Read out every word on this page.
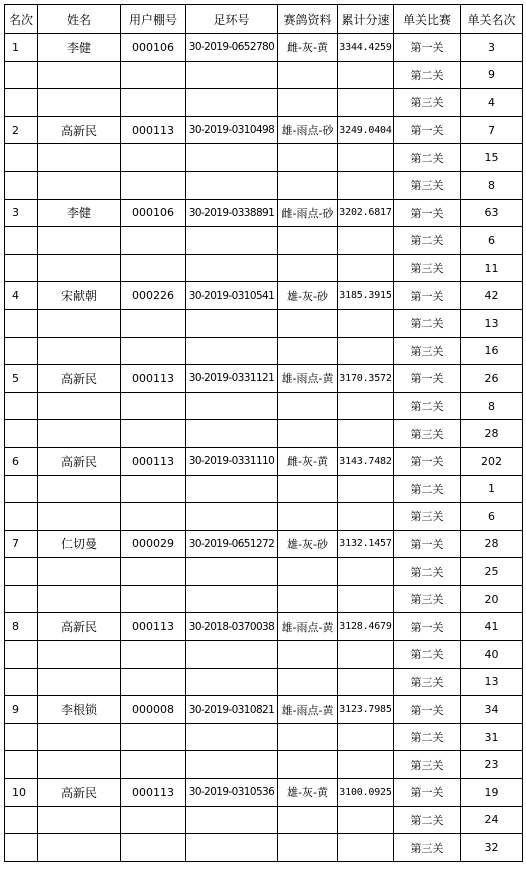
名次	姓名	用户棚号	足环号	赛鸽资料	累计分速	单关比赛	单关名次
1	李健	000106	30-2019-0652780	雌-灰-黄	3344.4259	第一关	3
						第二关	9
						第三关	4
2	高新民	000113	30-2019-0310498	雄-雨点-砂	3249.0404	第一关	7
						第二关	15
						第三关	8
3	李健	000106	30-2019-0338891	雌-雨点-砂	3202.6817	第一关	63
						第二关	6
						第三关	11
4	宋献朝	000226	30-2019-0310541	雄-灰-砂	3185.3915	第一关	42
						第二关	13
						第三关	16
5	高新民	000113	30-2019-0331121	雄-雨点-黄	3170.3572	第一关	26
						第二关	8
						第三关	28
6	高新民	000113	30-2019-0331110	雌-灰-黄	3143.7482	第一关	202
						第二关	1
						第三关	6
7	仁切曼	000029	30-2019-0651272	雄-灰-砂	3132.1457	第一关	28
						第二关	25
						第三关	20
8	高新民	000113	30-2018-0370038	雄-雨点-黄	3128.4679	第一关	41
						第二关	40
						第三关	13
9	李根锁	000008	30-2019-0310821	雄-雨点-黄	3123.7985	第一关	34
						第二关	31
						第三关	23
10	高新民	000113	30-2019-0310536	雄-灰-黄	3100.0925	第一关	19
						第二关	24
						第三关	32
